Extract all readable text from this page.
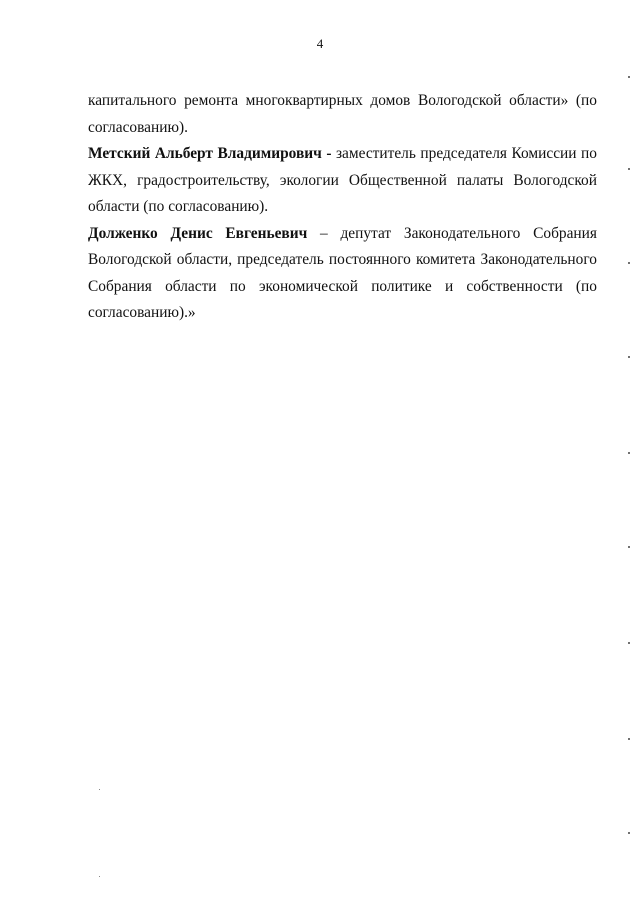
4
капитального ремонта многоквартирных домов Вологодской области» (по
согласованию).
Метский Альберт Владимирович - заместитель председателя Комиссии по
ЖКХ, градостроительству, экологии Общественной палаты Вологодской
области (по согласованию).
Долженко Денис Евгеньевич – депутат Законодательного Собрания
Вологодской области, председатель постоянного комитета Законодательного
Собрания области по экономической политике и собственности (по
согласованию).»
